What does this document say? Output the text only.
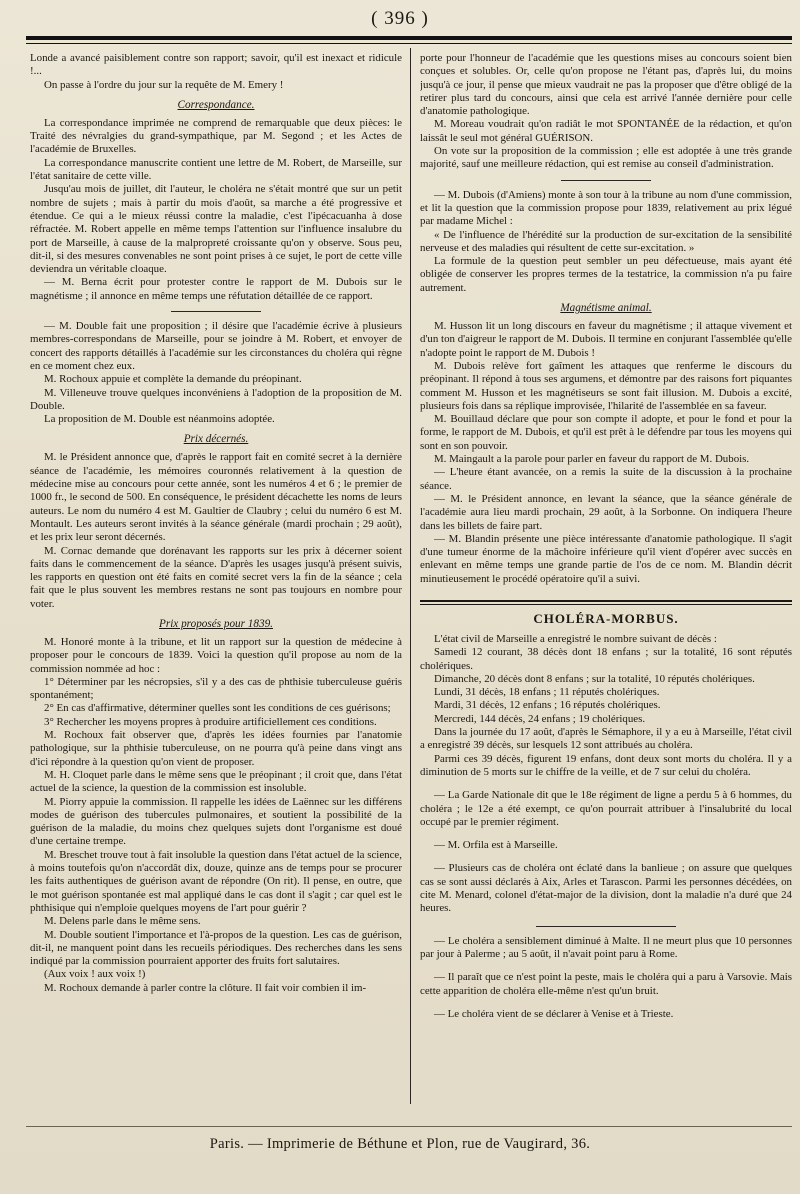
( 396 )

Londe a avancé paisiblement contre son rapport; savoir, qu'il est inexact et ridicule !...

On passe à l'ordre du jour sur la requête de M. Emery !

Correspondance.

La correspondance imprimée ne comprend de remarquable que deux pièces: le Traité des névralgies du grand-sympathique, par M. Segond ; et les Actes de l'académie de Bruxelles.

La correspondance manuscrite contient une lettre de M. Robert, de Marseille, sur l'état sanitaire de cette ville.

Jusqu'au mois de juillet, dit l'auteur, le choléra ne s'était montré que sur un petit nombre de sujets ; mais à partir du mois d'août, sa marche a été progressive et étendue. Ce qui a le mieux réussi contre la maladie, c'est l'ipécacuanha à dose réfractée. M. Robert appelle en même temps l'attention sur l'influence insalubre du port de Marseille, à cause de la malpropreté croissante qu'on y observe. Sous peu, dit-il, si des mesures convenables ne sont point prises à ce sujet, le port de cette ville deviendra un véritable cloaque.

— M. Berna écrit pour protester contre le rapport de M. Dubois sur le magnétisme ; il annonce en même temps une réfutation détaillée de ce rapport.

— M. Double fait une proposition ; il désire que l'académie écrive à plusieurs membres-correspondans de Marseille, pour se joindre à M. Robert, et envoyer de concert des rapports détaillés à l'académie sur les circonstances du choléra qui règne en ce moment chez eux.

M. Rochoux appuie et complète la demande du préopinant.

M. Villeneuve trouve quelques inconvéniens à l'adoption de la proposition de M. Double.

La proposition de M. Double est néanmoins adoptée.

Prix décernés.

M. le Président annonce que, d'après le rapport fait en comité secret à la dernière séance de l'académie, les mémoires couronnés relativement à la question de médecine mise au concours pour cette année, sont les numéros 4 et 6 ; le premier de 1000 fr., le second de 500. En conséquence, le président décachette les noms de leurs auteurs. Le nom du numéro 4 est M. Gaultier de Claubry ; celui du numéro 6 est M. Montault. Les auteurs seront invités à la séance générale (mardi prochain ; 29 août), et les prix leur seront décernés.

M. Cornac demande que dorénavant les rapports sur les prix à décerner soient faits dans le commencement de la séance. D'après les usages jusqu'à présent suivis, les rapports en question ont été faits en comité secret vers la fin de la séance ; cela fait que le plus souvent les membres restans ne sont pas toujours en nombre pour voter.

Prix proposés pour 1839.

M. Honoré monte à la tribune, et lit un rapport sur la question de médecine à proposer pour le concours de 1839. Voici la question qu'il propose au nom de la commission nommée ad hoc :

1° Déterminer par les nécropsies, s'il y a des cas de phthisie tuberculeuse guéris spontanément;

2° En cas d'affirmative, déterminer quelles sont les conditions de ces guérisons;

3° Rechercher les moyens propres à produire artificiellement ces conditions.

M. Rochoux fait observer que, d'après les idées fournies par l'anatomie pathologique, sur la phthisie tuberculeuse, on ne pourra qu'à peine dans vingt ans d'ici répondre à la question qu'on vient de proposer.

M. H. Cloquet parle dans le même sens que le préopinant ; il croit que, dans l'état actuel de la science, la question de la commission est insoluble.

M. Piorry appuie la commission. Il rappelle les idées de Laënnec sur les différens modes de guérison des tubercules pulmonaires, et soutient la possibilité de la guérison de la maladie, du moins chez quelques sujets dont l'organisme est doué d'une certaine trempe.

M. Breschet trouve tout à fait insoluble la question dans l'état actuel de la science, à moins toutefois qu'on n'accordât dix, douze, quinze ans de temps pour se procurer les faits authentiques de guérison avant de répondre (On rit). Il pense, en outre, que le mot guérison spontanée est mal appliqué dans le cas dont il s'agit ; car quel est le phthisique qui n'emploie quelques moyens de l'art pour guérir ?

M. Delens parle dans le même sens.

M. Double soutient l'importance et l'à-propos de la question. Les cas de guérison, dit-il, ne manquent point dans les recueils périodiques. Des recherches dans les sens indiqué par la commission pourraient apporter des fruits fort salutaires.

(Aux voix ! aux voix !)

M. Rochoux demande à parler contre la clôture. Il fait voir combien il im-

porte pour l'honneur de l'académie que les questions mises au concours soient bien conçues et solubles. Or, celle qu'on propose ne l'étant pas, d'après lui, du moins jusqu'à ce jour, il pense que mieux vaudrait ne pas la proposer que d'être obligé de la retirer plus tard du concours, ainsi que cela est arrivé l'année dernière pour celle d'anatomie pathologique.

M. Moreau voudrait qu'on radiât le mot SPONTANÉE de la rédaction, et qu'on laissât le seul mot général GUÉRISON.

On vote sur la proposition de la commission ; elle est adoptée à une très grande majorité, sauf une meilleure rédaction, qui est remise au conseil d'administration.

— M. Dubois (d'Amiens) monte à son tour à la tribune au nom d'une commission, et lit la question que la commission propose pour 1839, relativement au prix légué par madame Michel :

« De l'influence de l'hérédité sur la production de sur-excitation de la sensibilité nerveuse et des maladies qui résultent de cette sur-excitation. »

La formule de la question peut sembler un peu défectueuse, mais ayant été obligée de conserver les propres termes de la testatrice, la commission n'a pu faire autrement.

Magnétisme animal.

M. Husson lit un long discours en faveur du magnétisme ; il attaque vivement et d'un ton d'aigreur le rapport de M. Dubois. Il termine en conjurant l'assemblée qu'elle n'adopte point le rapport de M. Dubois !

M. Dubois relève fort gaîment les attaques que renferme le discours du préopinant. Il répond à tous ses argumens, et démontre par des raisons fort piquantes comment M. Husson et les magnétiseurs se sont fait illusion. M. Dubois a excité, plusieurs fois dans sa réplique improvisée, l'hilarité de l'assemblée en sa faveur.

M. Bouillaud déclare que pour son compte il adopte, et pour le fond et pour la forme, le rapport de M. Dubois, et qu'il est prêt à le défendre par tous les moyens qui sont en son pouvoir.

M. Maingault a la parole pour parler en faveur du rapport de M. Dubois.

— L'heure étant avancée, on a remis la suite de la discussion à la prochaine séance.

— M. le Président annonce, en levant la séance, que la séance générale de l'académie aura lieu mardi prochain, 29 août, à la Sorbonne. On indiquera l'heure dans les billets de faire part.

— M. Blandin présente une pièce intéressante d'anatomie pathologique. Il s'agit d'une tumeur énorme de la mâchoire inférieure qu'il vient d'opérer avec succès en enlevant en même temps une grande partie de l'os de ce nom. M. Blandin décrit minutieusement le procédé opératoire qu'il a suivi.

CHOLÉRA-MORBUS.

L'état civil de Marseille a enregistré le nombre suivant de décès :

Samedi 12 courant, 38 décès dont 18 enfans ; sur la totalité, 16 sont réputés cholériques.

Dimanche, 20 décès dont 8 enfans ; sur la totalité, 10 réputés cholériques.

Lundi, 31 décès, 18 enfans ; 11 réputés cholériques.

Mardi, 31 décès, 12 enfans ; 16 réputés cholériques.

Mercredi, 144 décès, 24 enfans ; 19 cholériques.

Dans la journée du 17 août, d'après le Sémaphore, il y a eu à Marseille, l'état civil a enregistré 39 décès, sur lesquels 12 sont attribués au choléra.

Parmi ces 39 décès, figurent 19 enfans, dont deux sont morts du choléra. Il y a diminution de 5 morts sur le chiffre de la veille, et de 7 sur celui du choléra.

— La Garde Nationale dit que le 18e régiment de ligne a perdu 5 à 6 hommes, du choléra ; le 12e a été exempt, ce qu'on pourrait attribuer à l'insalubrité du local occupé par le premier régiment.

— M. Orfila est à Marseille.

— Plusieurs cas de choléra ont éclaté dans la banlieue ; on assure que quelques cas se sont aussi déclarés à Aix, Arles et Tarascon. Parmi les personnes décédées, on cite M. Menard, colonel d'état-major de la division, dont la maladie n'a duré que 24 heures.

— Le choléra a sensiblement diminué à Malte. Il ne meurt plus que 10 personnes par jour à Palerme ; au 5 août, il n'avait point paru à Rome.

— Il paraît que ce n'est point la peste, mais le choléra qui a paru à Varsovie. Mais cette apparition de choléra elle-même n'est qu'un bruit.

— Le choléra vient de se déclarer à Venise et à Trieste.

Paris. — Imprimerie de Béthune et Plon, rue de Vaugirard, 36.
